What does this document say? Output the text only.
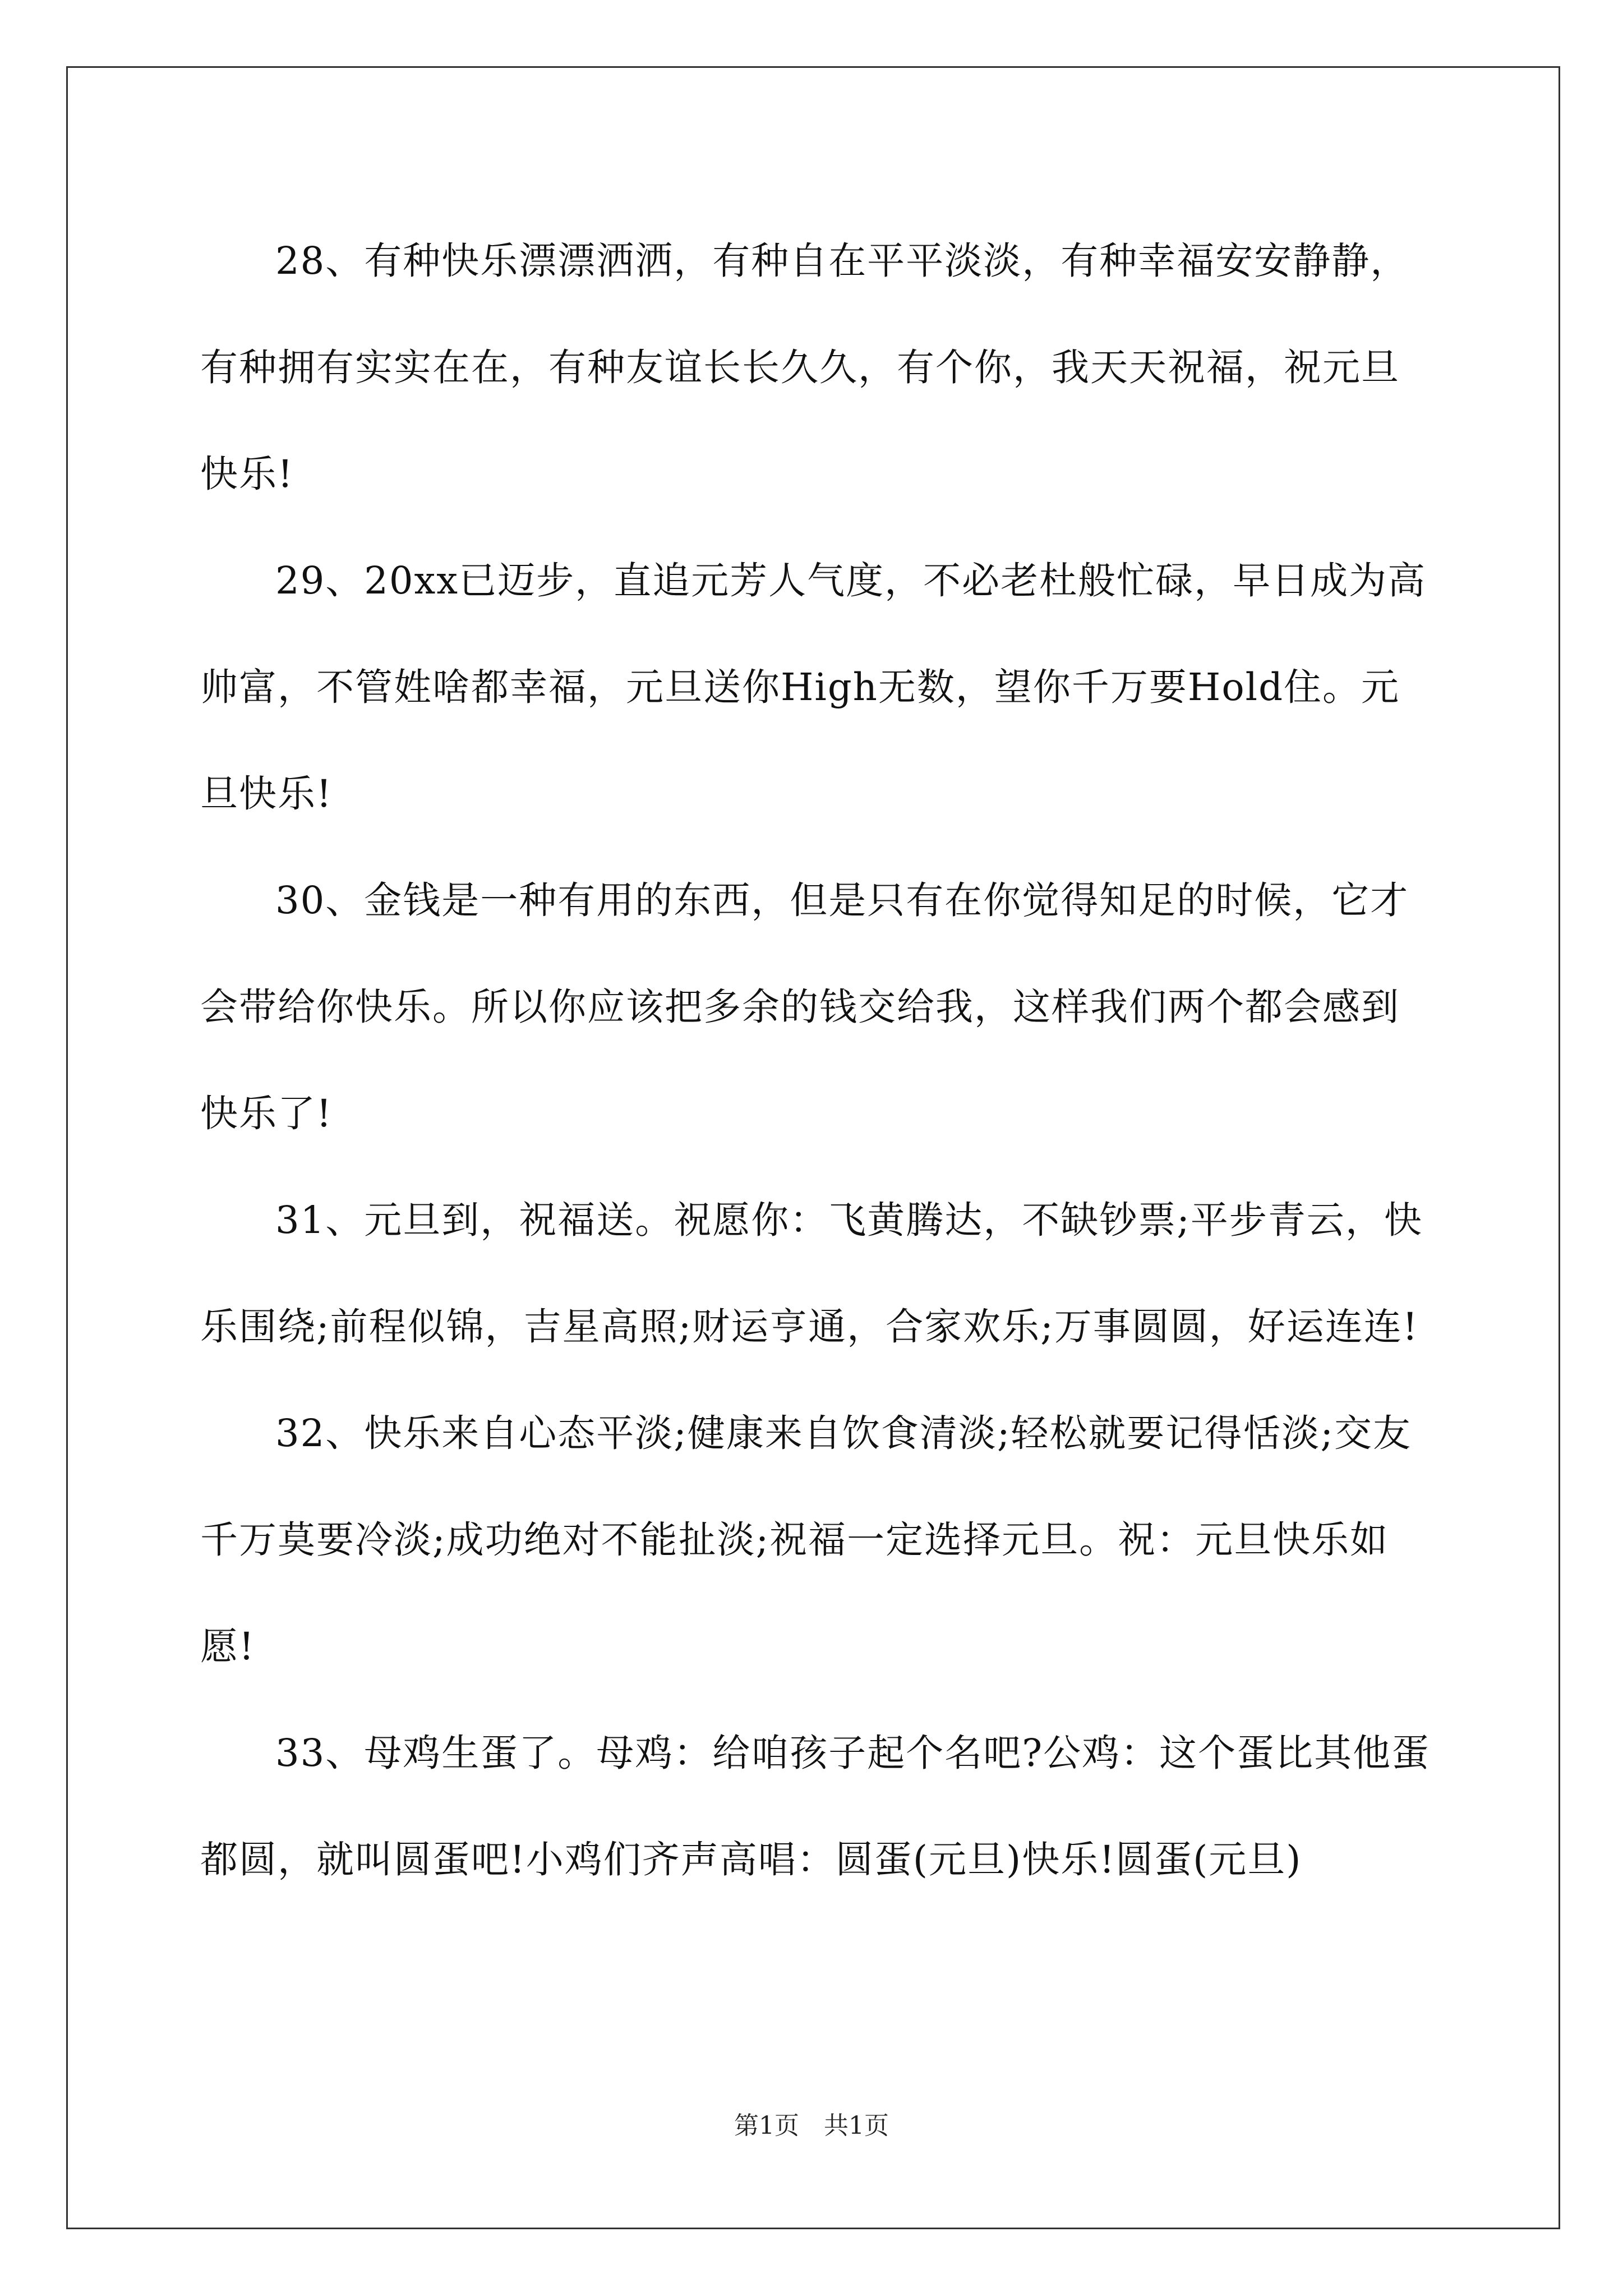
28、有种快乐漂漂洒洒，有种自在平平淡淡，有种幸福安安静静，有种拥有实实在在，有种友谊长长久久，有个你，我天天祝福，祝元旦快乐!

29、20xx已迈步，直追元芳人气度，不必老杜般忙碌，早日成为高帅富，不管姓啥都幸福，元旦送你High无数，望你千万要Hold住。元旦快乐!

30、金钱是一种有用的东西，但是只有在你觉得知足的时候，它才会带给你快乐。所以你应该把多余的钱交给我，这样我们两个都会感到快乐了!

31、元旦到，祝福送。祝愿你：飞黄腾达，不缺钞票;平步青云，快乐围绕;前程似锦，吉星高照;财运亨通，合家欢乐;万事圆圆，好运连连!

32、快乐来自心态平淡;健康来自饮食清淡;轻松就要记得恬淡;交友千万莫要冷淡;成功绝对不能扯淡;祝福一定选择元旦。祝：元旦快乐如愿!

33、母鸡生蛋了。母鸡：给咱孩子起个名吧?公鸡：这个蛋比其他蛋都圆，就叫圆蛋吧!小鸡们齐声高唱：圆蛋(元旦)快乐!圆蛋(元旦)

第1页　共1页
